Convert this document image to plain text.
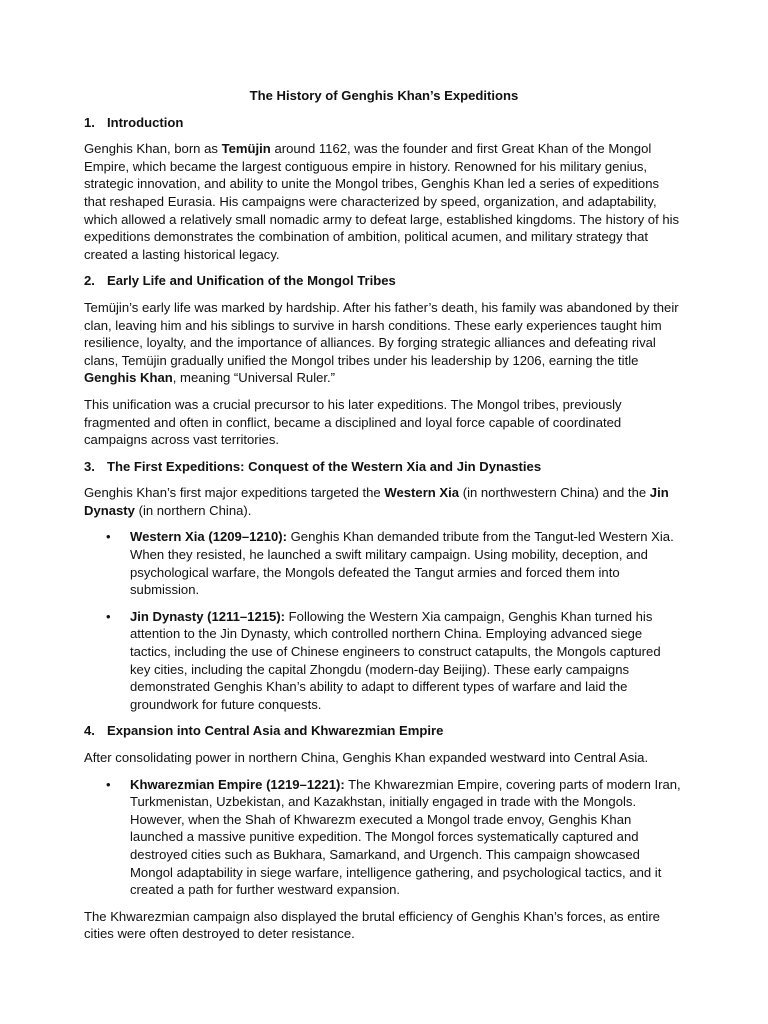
The History of Genghis Khan’s Expeditions
1. Introduction

Genghis Khan, born as Temüjin around 1162, was the founder and first Great Khan of the Mongol Empire, which became the largest contiguous empire in history. Renowned for his military genius, strategic innovation, and ability to unite the Mongol tribes, Genghis Khan led a series of expeditions that reshaped Eurasia. His campaigns were characterized by speed, organization, and adaptability, which allowed a relatively small nomadic army to defeat large, established kingdoms. The history of his expeditions demonstrates the combination of ambition, political acumen, and military strategy that created a lasting historical legacy.

2. Early Life and Unification of the Mongol Tribes

Temüjin’s early life was marked by hardship. After his father’s death, his family was abandoned by their clan, leaving him and his siblings to survive in harsh conditions. These early experiences taught him resilience, loyalty, and the importance of alliances. By forging strategic alliances and defeating rival clans, Temüjin gradually unified the Mongol tribes under his leadership by 1206, earning the title Genghis Khan, meaning “Universal Ruler.”

This unification was a crucial precursor to his later expeditions. The Mongol tribes, previously fragmented and often in conflict, became a disciplined and loyal force capable of coordinated campaigns across vast territories.

3. The First Expeditions: Conquest of the Western Xia and Jin Dynasties

Genghis Khan’s first major expeditions targeted the Western Xia (in northwestern China) and the Jin Dynasty (in northern China).

• Western Xia (1209–1210): Genghis Khan demanded tribute from the Tangut-led Western Xia. When they resisted, he launched a swift military campaign. Using mobility, deception, and psychological warfare, the Mongols defeated the Tangut armies and forced them into submission.
• Jin Dynasty (1211–1215): Following the Western Xia campaign, Genghis Khan turned his attention to the Jin Dynasty, which controlled northern China. Employing advanced siege tactics, including the use of Chinese engineers to construct catapults, the Mongols captured key cities, including the capital Zhongdu (modern-day Beijing). These early campaigns demonstrated Genghis Khan’s ability to adapt to different types of warfare and laid the groundwork for future conquests.
4. Expansion into Central Asia and Khwarezmian Empire

After consolidating power in northern China, Genghis Khan expanded westward into Central Asia.

• Khwarezmian Empire (1219–1221): The Khwarezmian Empire, covering parts of modern Iran, Turkmenistan, Uzbekistan, and Kazakhstan, initially engaged in trade with the Mongols. However, when the Shah of Khwarezm executed a Mongol trade envoy, Genghis Khan launched a massive punitive expedition. The Mongol forces systematically captured and destroyed cities such as Bukhara, Samarkand, and Urgench. This campaign showcased Mongol adaptability in siege warfare, intelligence gathering, and psychological tactics, and it created a path for further westward expansion.

The Khwarezmian campaign also displayed the brutal efficiency of Genghis Khan’s forces, as entire cities were often destroyed to deter resistance.
